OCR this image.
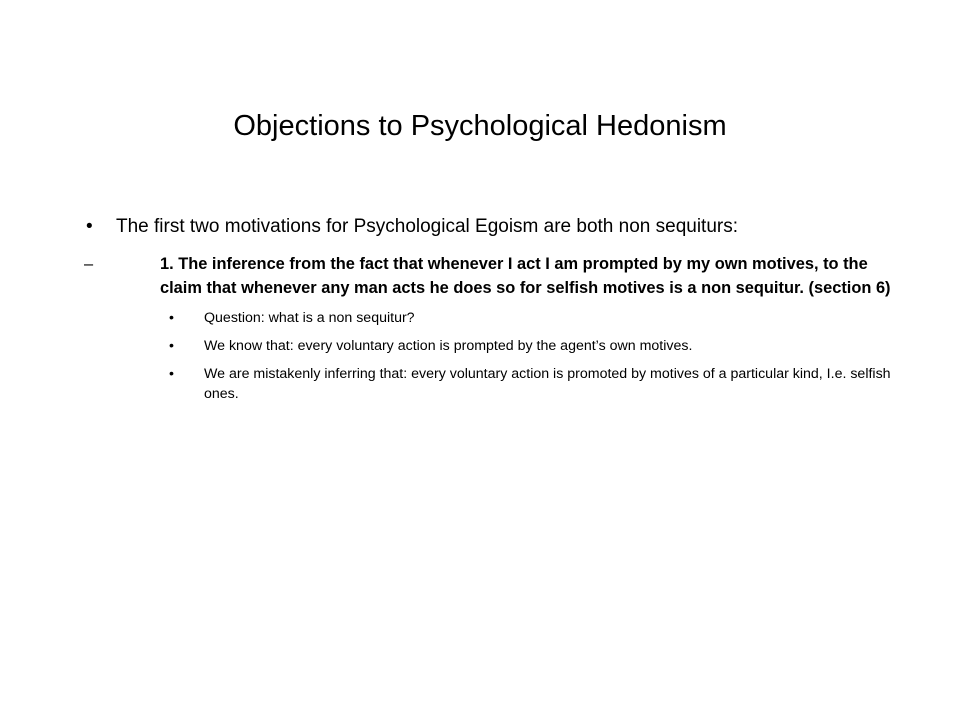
Objections to Psychological Hedonism
• The first two motivations for Psychological Egoism are both non sequiturs:
–	1. The inference from the fact that whenever I act I am prompted by my own motives, to the claim that whenever any man acts he does so for selfish motives is a non sequitur. (section 6)
• Question: what is a non sequitur?
• We know that: every voluntary action is prompted by the agent’s own motives.
• We are mistakenly inferring that: every voluntary action is promoted by motives of a particular kind, I.e. selfish ones.
